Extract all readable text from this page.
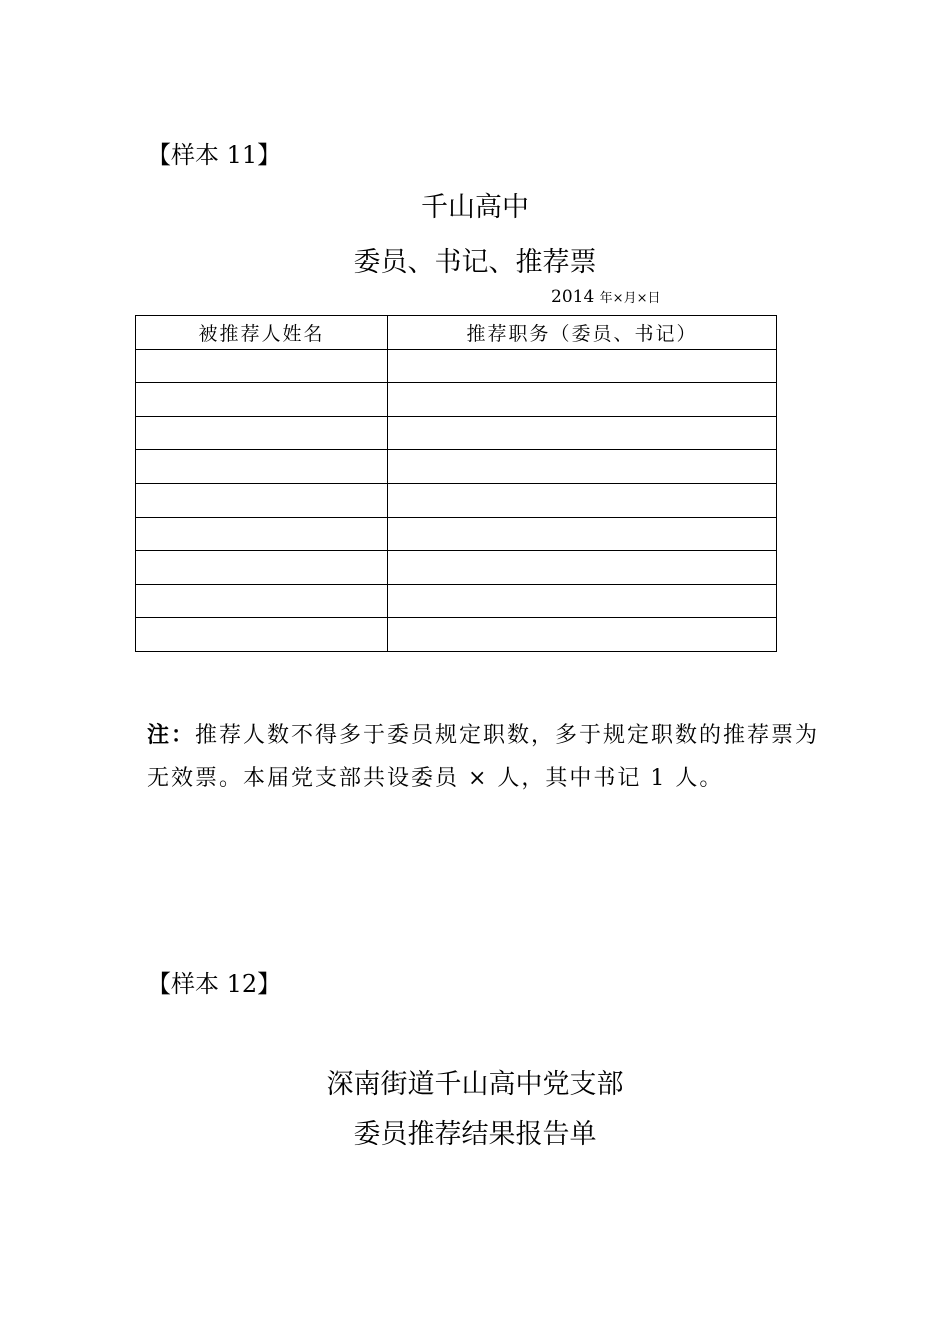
【样本 11】
千山高中
委员、书记、推荐票
2014 年×月×日
被推荐人姓名	推荐职务（委员、书记）

注：推荐人数不得多于委员规定职数，多于规定职数的推荐票为无效票。本届党支部共设委员 × 人，其中书记 1 人。
【样本 12】
深南街道千山高中党支部
委员推荐结果报告单
